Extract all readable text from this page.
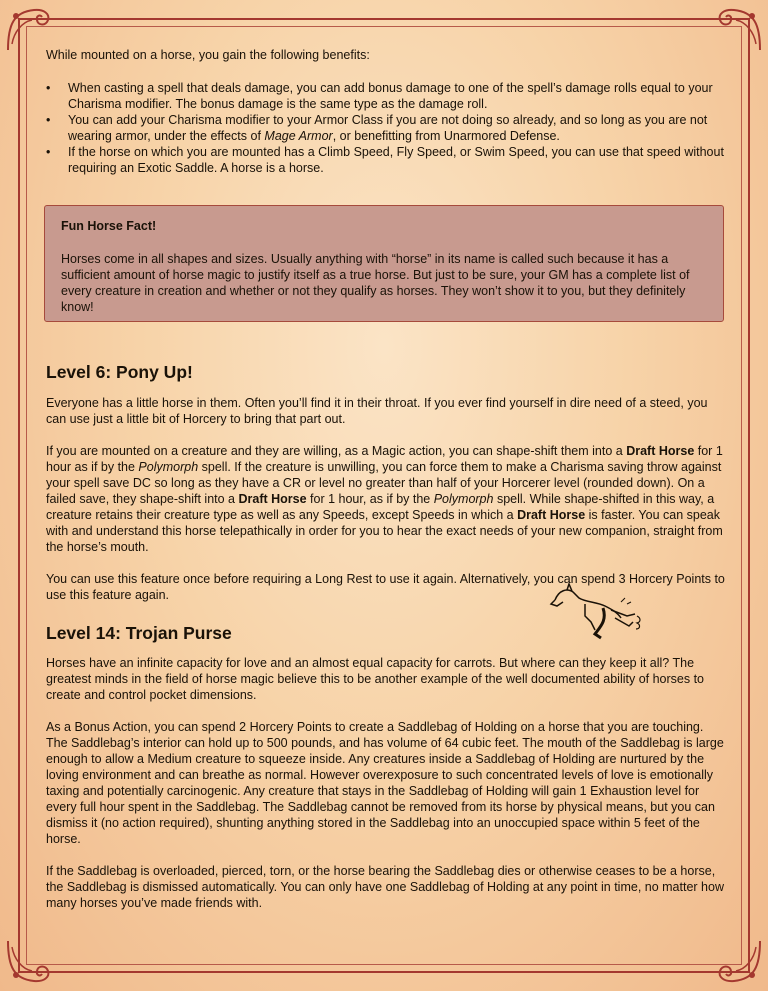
While mounted on a horse, you gain the following benefits:

• When casting a spell that deals damage, you can add bonus damage to one of the spell’s damage rolls equal to your Charisma modifier. The bonus damage is the same type as the damage roll.
• You can add your Charisma modifier to your Armor Class if you are not doing so already, and so long as you are not wearing armor, under the effects of Mage Armor, or benefitting from Unarmored Defense.
• If the horse on which you are mounted has a Climb Speed, Fly Speed, or Swim Speed, you can use that speed without requiring an Exotic Saddle. A horse is a horse.

Fun Horse Fact!

Horses come in all shapes and sizes. Usually anything with “horse” in its name is called such because it has a sufficient amount of horse magic to justify itself as a true horse. But just to be sure, your GM has a complete list of every creature in creation and whether or not they qualify as horses. They won’t show it to you, but they definitely know!

Level 6: Pony Up!

Everyone has a little horse in them. Often you’ll find it in their throat. If you ever find yourself in dire need of a steed, you can use just a little bit of Horcery to bring that part out.

If you are mounted on a creature and they are willing, as a Magic action, you can shape-shift them into a Draft Horse for 1 hour as if by the Polymorph spell. If the creature is unwilling, you can force them to make a Charisma saving throw against your spell save DC so long as they have a CR or level no greater than half of your Horcerer level (rounded down). On a failed save, they shape-shift into a Draft Horse for 1 hour, as if by the Polymorph spell. While shape-shifted in this way, a creature retains their creature type as well as any Speeds, except Speeds in which a Draft Horse is faster. You can speak with and understand this horse telepathically in order for you to hear the exact needs of your new companion, straight from the horse’s mouth.

You can use this feature once before requiring a Long Rest to use it again. Alternatively, you can spend 3 Horcery Points to use this feature again.

Level 14: Trojan Purse

Horses have an infinite capacity for love and an almost equal capacity for carrots. But where can they keep it all? The greatest minds in the field of horse magic believe this to be another example of the well documented ability of horses to create and control pocket dimensions.

As a Bonus Action, you can spend 2 Horcery Points to create a Saddlebag of Holding on a horse that you are touching. The Saddlebag’s interior can hold up to 500 pounds, and has volume of 64 cubic feet. The mouth of the Saddlebag is large enough to allow a Medium creature to squeeze inside. Any creatures inside a Saddlebag of Holding are nurtured by the loving environment and can breathe as normal. However overexposure to such concentrated levels of love is emotionally taxing and potentially carcinogenic. Any creature that stays in the Saddlebag of Holding will gain 1 Exhaustion level for every full hour spent in the Saddlebag. The Saddlebag cannot be removed from its horse by physical means, but you can dismiss it (no action required), shunting anything stored in the Saddlebag into an unoccupied space within 5 feet of the horse.

If the Saddlebag is overloaded, pierced, torn, or the horse bearing the Saddlebag dies or otherwise ceases to be a horse, the Saddlebag is dismissed automatically. You can only have one Saddlebag of Holding at any point in time, no matter how many horses you’ve made friends with.
